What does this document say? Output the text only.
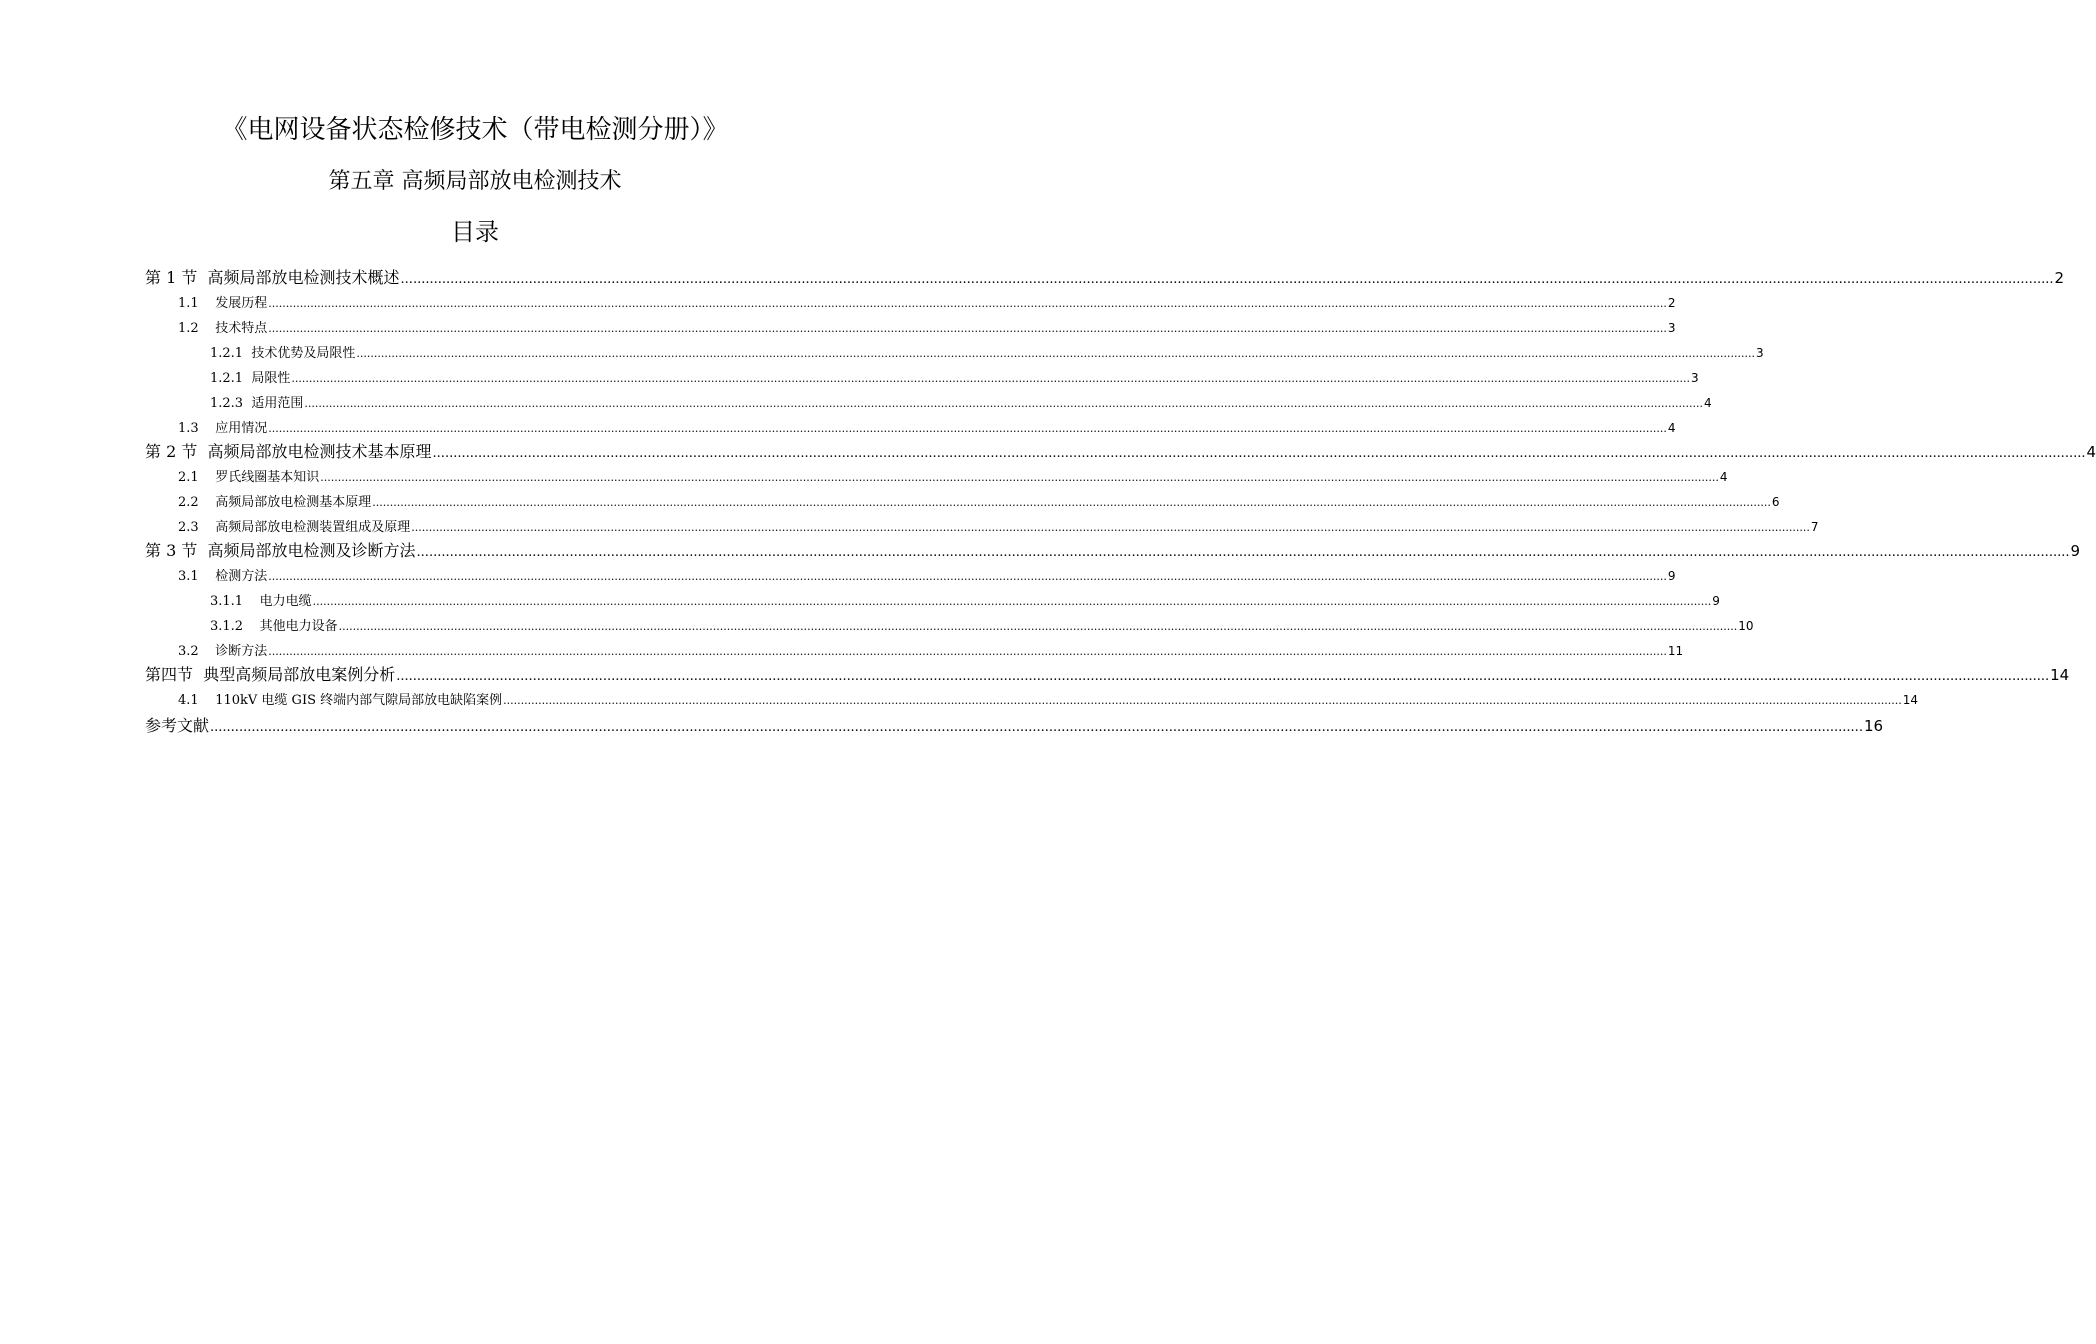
《电网设备状态检修技术（带电检测分册）》
第五章 高频局部放电检测技术
目录
第 1 节 高频局部放电检测技术概述 ................................................................................................................................................................................................................................................................................................................................................................................................................ 2
1.1 发展历程 ................................................................................................................................................................................................................................................................................................................................................................................................................ 2
1.2 技术特点 ................................................................................................................................................................................................................................................................................................................................................................................................................ 3
1.2.1 技术优势及局限性 ................................................................................................................................................................................................................................................................................................................................................................................................................ 3
1.2.1 局限性 ................................................................................................................................................................................................................................................................................................................................................................................................................ 3
1.2.3 适用范围 ................................................................................................................................................................................................................................................................................................................................................................................................................ 4
1.3 应用情况 ................................................................................................................................................................................................................................................................................................................................................................................................................ 4
第 2 节 高频局部放电检测技术基本原理 ................................................................................................................................................................................................................................................................................................................................................................................................................ 4
2.1 罗氏线圈基本知识 ................................................................................................................................................................................................................................................................................................................................................................................................................ 4
2.2 高频局部放电检测基本原理 ................................................................................................................................................................................................................................................................................................................................................................................................................ 6
2.3 高频局部放电检测装置组成及原理 ................................................................................................................................................................................................................................................................................................................................................................................................................ 7
第 3 节 高频局部放电检测及诊断方法 ................................................................................................................................................................................................................................................................................................................................................................................................................ 9
3.1 检测方法 ................................................................................................................................................................................................................................................................................................................................................................................................................ 9
3.1.1 电力电缆 ................................................................................................................................................................................................................................................................................................................................................................................................................ 9
3.1.2 其他电力设备 ................................................................................................................................................................................................................................................................................................................................................................................................................ 10
3.2 诊断方法 ................................................................................................................................................................................................................................................................................................................................................................................................................ 11
第四节 典型高频局部放电案例分析 ................................................................................................................................................................................................................................................................................................................................................................................................................ 14
4.1 110kV 电缆 GIS 终端内部气隙局部放电缺陷案例 ................................................................................................................................................................................................................................................................................................................................................................................................................ 14
参考文献 ................................................................................................................................................................................................................................................................................................................................................................................................................ 16
